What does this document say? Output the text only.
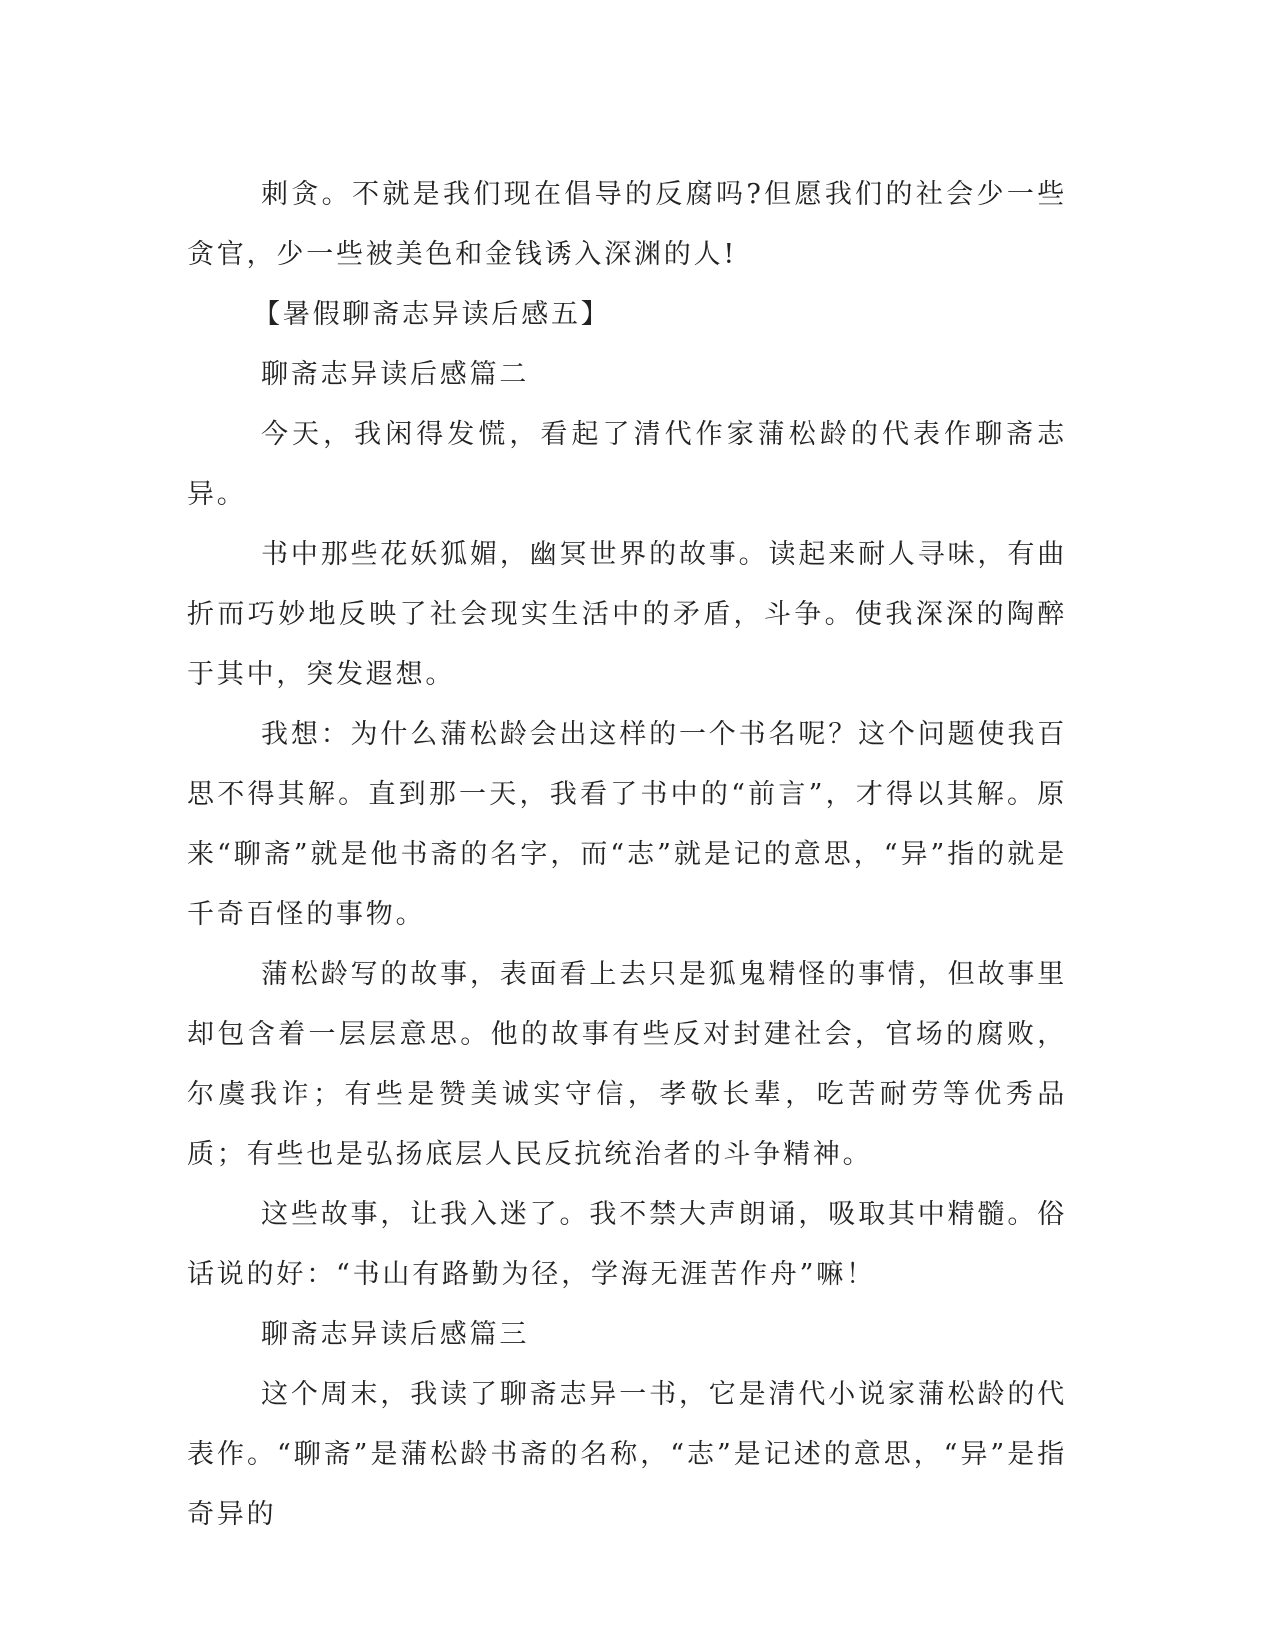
刺贪。不就是我们现在倡导的反腐吗?但愿我们的社会少一些贪官，少一些被美色和金钱诱入深渊的人!

【暑假聊斋志异读后感五】

聊斋志异读后感篇二

今天，我闲得发慌，看起了清代作家蒲松龄的代表作聊斋志异。

书中那些花妖狐媚，幽冥世界的故事。读起来耐人寻味，有曲折而巧妙地反映了社会现实生活中的矛盾，斗争。使我深深的陶醉于其中，突发遐想。

我想：为什么蒲松龄会出这样的一个书名呢？这个问题使我百思不得其解。直到那一天，我看了书中的“前言”，才得以其解。原来“聊斋”就是他书斋的名字，而“志”就是记的意思，“异”指的就是千奇百怪的事物。

蒲松龄写的故事，表面看上去只是狐鬼精怪的事情，但故事里却包含着一层层意思。他的故事有些反对封建社会，官场的腐败，尔虞我诈；有些是赞美诚实守信，孝敬长辈，吃苦耐劳等优秀品质；有些也是弘扬底层人民反抗统治者的斗争精神。

这些故事，让我入迷了。我不禁大声朗诵，吸取其中精髓。俗话说的好：“书山有路勤为径，学海无涯苦作舟”嘛！

聊斋志异读后感篇三

这个周末，我读了聊斋志异一书，它是清代小说家蒲松龄的代表作。“聊斋”是蒲松龄书斋的名称，“志”是记述的意思，“异”是指奇异的
